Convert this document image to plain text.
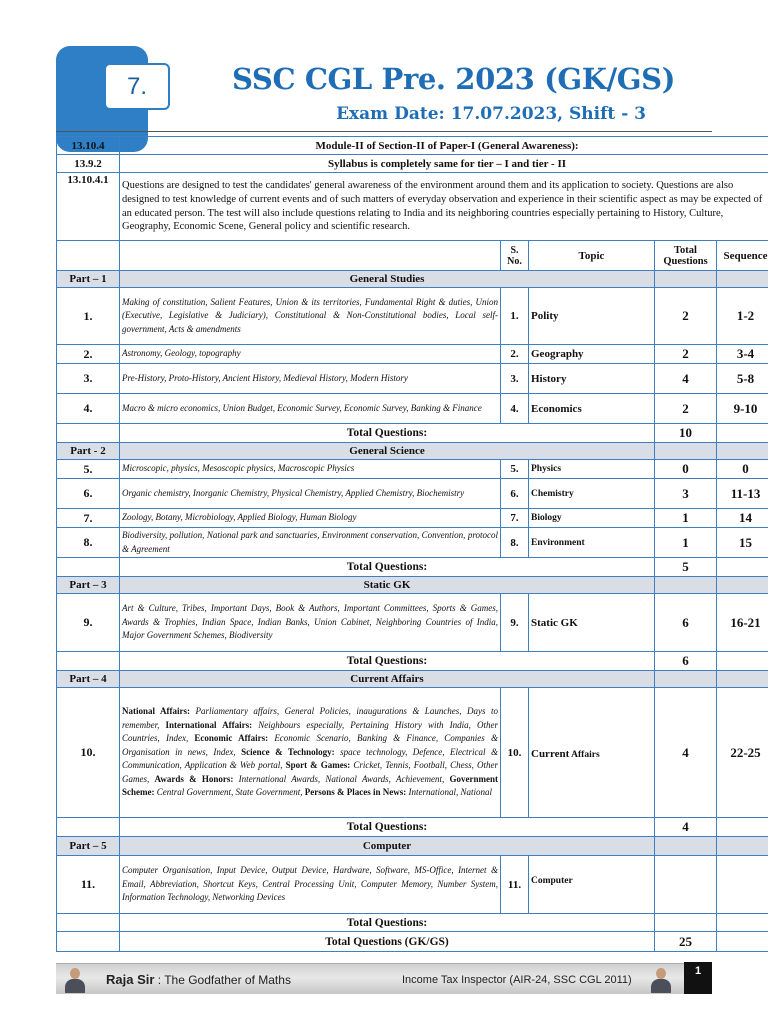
7.	SSC CGL Pre. 2023 (GK/GS)
Exam Date: 17.07.2023, Shift - 3
13.10.4	Module-II of Section-II of Paper-I (General Awareness):				
13.9.2	Syllabus is completely same for tier – I and tier - II				
13.10.4.1	Questions are designed to test the candidates' general awareness of the environment around them and its application to society. Questions are also designed to test knowledge of current events and of such matters of everyday observation and experience in their scientific aspect as may be expected of an educated person. The test will also include questions relating to India and its neighboring countries especially pertaining to History, Culture, Geography, Economic Scene, General policy and scientific research.				
		S. No.	Topic	Total Questions	Sequence
Part – 1	General Studies				
1.	Making of constitution, Salient Features, Union & its territories, Fundamental Right & duties, Union (Executive, Legislative & Judiciary), Constitutional & Non-Constitutional bodies, Local self-government, Acts & amendments	1.	Polity	2	1-2
2.	Astronomy, Geology, topography	2.	Geography	2	3-4
3.	Pre-History, Proto-History, Ancient History, Medieval History, Modern History	3.	History	4	5-8
4.	Macro & micro economics, Union Budget, Economic Survey, Economic Survey, Banking & Finance	4.	Economics	2	9-10
	Total Questions:			10	
Part - 2	General Science				
5.	Microscopic, physics, Mesoscopic physics, Macroscopic Physics	5.	Physics	0	0
6.	Organic chemistry, Inorganic Chemistry, Physical Chemistry, Applied Chemistry, Biochemistry	6.	Chemistry	3	11-13
7.	Zoology, Botany, Microbiology, Applied Biology, Human Biology	7.	Biology	1	14
8.	Biodiversity, pollution, National park and sanctuaries, Environment conservation, Convention, protocol & Agreement	8.	Environment	1	15
	Total Questions:			5	
Part – 3	Static GK				
9.	Art & Culture, Tribes, Important Days, Book & Authors, Important Committees, Sports & Games, Awards & Trophies, Indian Space, Indian Banks, Union Cabinet, Neighboring Countries of India, Major Government Schemes, Biodiversity	9.	Static GK	6	16-21
	Total Questions:			6	
Part – 4	Current Affairs				
10.	National Affairs: Parliamentary affairs, General Policies, inaugurations & Launches, Days to remember, International Affairs: Neighbours especially, Pertaining History with India, Other Countries, Index, Economic Affairs: Economic Scenario, Banking & Finance, Companies & Organisation in news, Index, Science & Technology: space technology, Defence, Electrical & Communication, Application & Web portal, Sport & Games: Cricket, Tennis, Football, Chess, Other Games, Awards & Honors: International Awards, National Awards, Achievement, Government Scheme: Central Government, State Government, Persons & Places in News: International, National	10.	Current Affairs	4	22-25
	Total Questions:			4	
Part – 5	Computer				
11.	Computer Organisation, Input Device, Output Device, Hardware, Software, MS-Office, Internet & Email, Abbreviation, Shortcut Keys, Central Processing Unit, Computer Memory, Number System, Information Technology, Networking Devices	11.	Computer		
	Total Questions:				
	Total Questions (GK/GS)			25	
Raja Sir : The Godfather of Maths	Income Tax Inspector (AIR-24, SSC CGL 2011)
1
